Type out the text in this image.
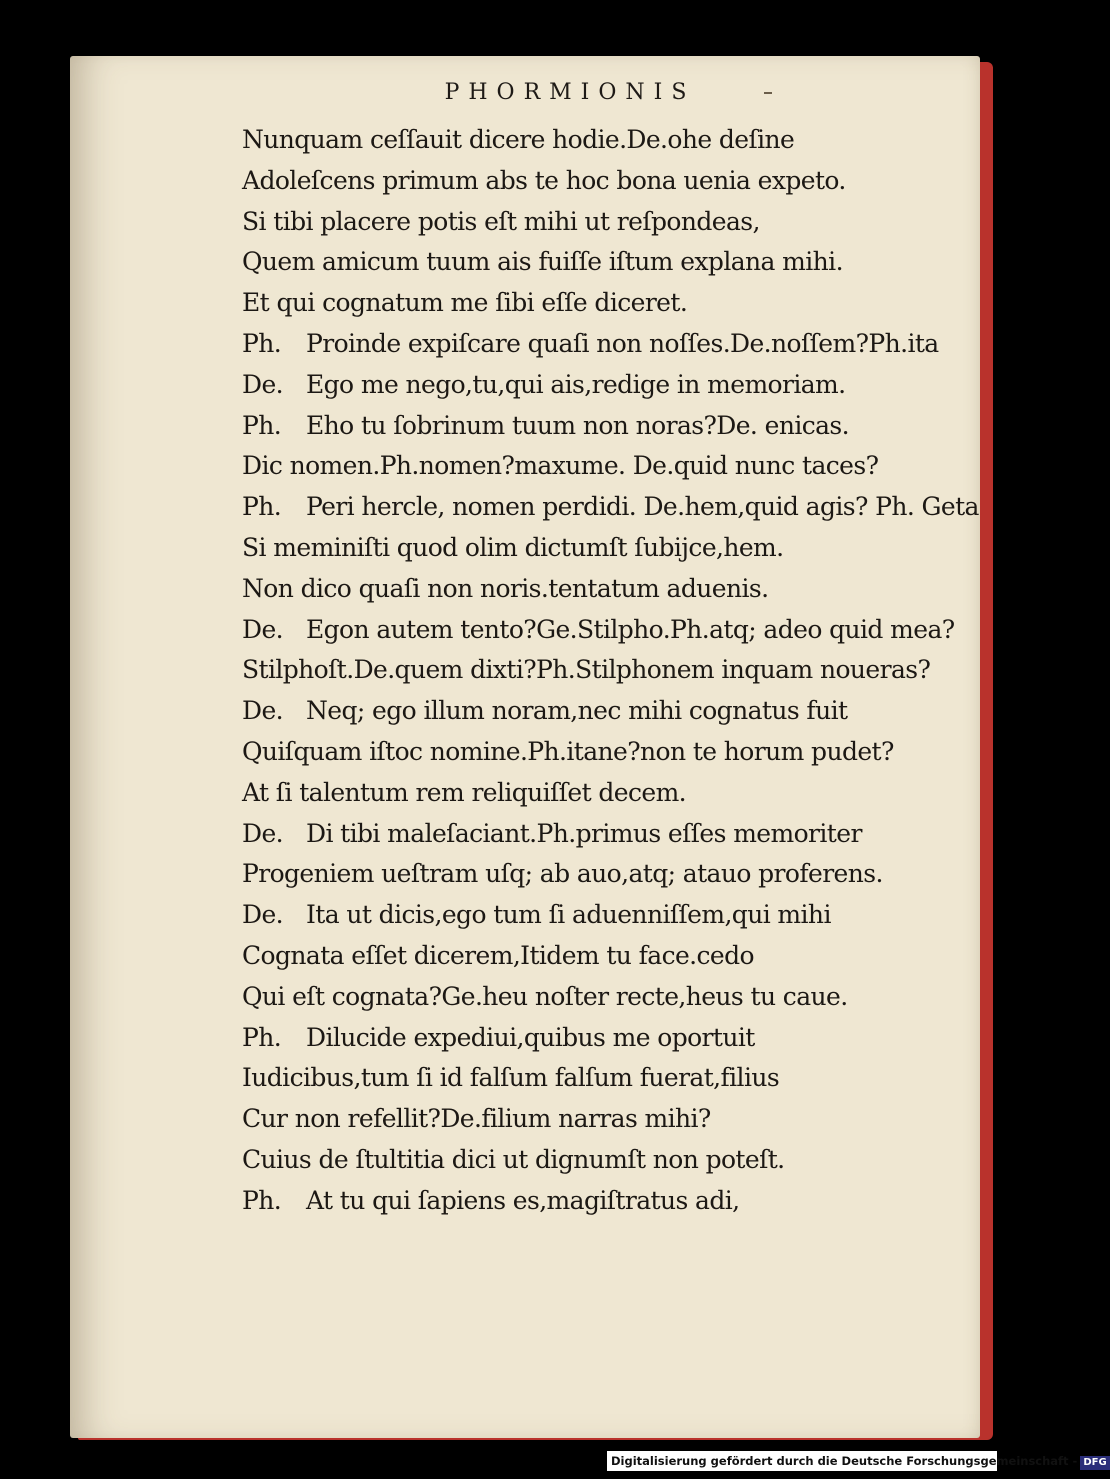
PHORMIONIS
Nunquam ceſſauit dicere hodie.De.ohe deſine
Adoleſcens primum abs te hoc bona uenia expeto.
Si tibi placere potis eſt mihi ut reſpondeas,
Quem amicum tuum ais fuiſſe iſtum explana mihi.
Et qui cognatum me ſibi eſſe diceret.
Ph. Proinde expiſcare quaſi non noſſes.De.noſſem?Ph.ita
De. Ego me nego,tu,qui ais,redige in memoriam.
Ph. Eho tu ſobrinum tuum non noras?De. enicas.
Dic nomen.Ph.nomen?maxume. De.quid nunc taces?
Ph. Peri hercle, nomen perdidi. De.hem,quid agis? Ph. Geta
Si meminiſti quod olim dictumſt ſubijce,hem.
Non dico quaſi non noris.tentatum aduenis.
De. Egon autem tento?Ge.Stilpho.Ph.atq; adeo quid mea?
Stilphoſt.De.quem dixti?Ph.Stilphonem inquam noueras?
De. Neq; ego illum noram,nec mihi cognatus fuit
Quiſquam iſtoc nomine.Ph.itane?non te horum pudet?
At ſi talentum rem reliquiſſet decem.
De. Di tibi maleſaciant.Ph.primus eſſes memoriter
Progeniem ueſtram uſq; ab auo,atq; atauo proferens.
De. Ita ut dicis,ego tum ſi aduenniſſem,qui mihi
Cognata eſſet dicerem,Itidem tu face.cedo
Qui eſt cognata?Ge.heu noſter recte,heus tu caue.
Ph. Dilucide expediui,quibus me oportuit
Iudicibus,tum ſi id falſum falſum fuerat,filius
Cur non refellit?De.filium narras mihi?
Cuius de ſtultitia dici ut dignumſt non poteſt.
Ph. At tu qui ſapiens es,magiſtratus adi,
Digitalisierung gefördert durch die Deutsche Forschungsgemeinschaft - DFG
